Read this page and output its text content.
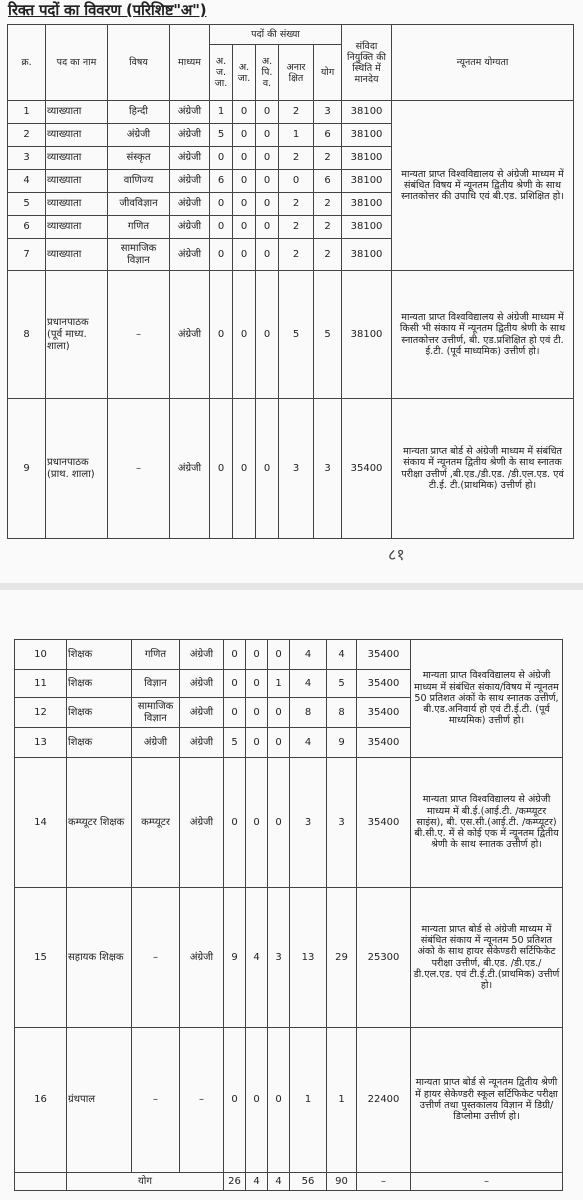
रिक्त पदों का विवरण (परिशिष्ट"अ")
क्र.	पद का नाम	विषय	माध्यम	पदों की संख्या					संविदा नियुक्ति की स्थिति में मानदेय	न्यूनतम योग्यता
				अ. ज. जा.	अ. जा.	अ. पि. व.	अनार क्षित	योग		
1	व्याख्याता	हिन्दी	अंग्रेजी	1	0	0	2	3	38100	मान्यता प्राप्त विश्वविद्यालय से अंग्रेजी माध्यम में संबंधित विषय में न्यूनतम द्वितीय श्रेणी के साथ स्नातकोत्तर की उपाधि एवं बी.एड. प्रशिक्षित हो।
2	व्याख्याता	अंग्रेजी	अंग्रेजी	5	0	0	1	6	38100	
3	व्याख्याता	संस्कृत	अंग्रेजी	0	0	0	2	2	38100	
4	व्याख्याता	वाणिज्य	अंग्रेजी	6	0	0	0	6	38100	
5	व्याख्याता	जीवविज्ञान	अंग्रेजी	0	0	0	2	2	38100	
6	व्याख्याता	गणित	अंग्रेजी	0	0	0	2	2	38100	
7	व्याख्याता	सामाजिक विज्ञान	अंग्रेजी	0	0	0	2	2	38100	
8	प्रधानपाठक (पूर्व माध्य. शाला)	–	अंग्रेजी	0	0	0	5	5	38100	मान्यता प्राप्त विश्वविद्यालय से अंग्रेजी माध्यम में किसी भी संकाय में न्यूनतम द्वितीय श्रेणी के साथ स्नातकोत्तर उत्तीर्ण, बी. एड.प्रशिक्षित हो एवं टी. ई.टी. (पूर्व माध्यमिक) उत्तीर्ण हो।
9	प्रधानपाठक (प्राथ. शाला)	–	अंग्रेजी	0	0	0	3	3	35400	मान्यता प्राप्त बोर्ड से अंग्रेजी माध्यम में संबंधित संकाय में न्यूनतम द्वितीय श्रेणी के साथ स्नातक परीक्षा उत्तीर्ण ,बी.एड./डी.एड. /डी.एल.एड. एवं टी.ई. टी.(प्राथमिक) उत्तीर्ण हो।
८१
10	शिक्षक	गणित	अंग्रेजी	0	0	0	4	4	35400	मान्यता प्राप्त विश्वविद्यालय से अंग्रेजी माध्यम में संबंधित संकाय/विषय में न्यूनतम 50 प्रतिशत अंकों के साथ स्नातक उत्तीर्ण, बी.एड.अनिवार्य हो एवं टी.ई.टी. (पूर्व माध्यमिक) उत्तीर्ण हो।
11	शिक्षक	विज्ञान	अंग्रेजी	0	0	1	4	5	35400	
12	शिक्षक	सामाजिक विज्ञान	अंग्रेजी	0	0	0	8	8	35400	
13	शिक्षक	अंग्रेजी	अंग्रेजी	5	0	0	4	9	35400	
14	कम्प्यूटर शिक्षक	कम्प्यूटर	अंग्रेजी	0	0	0	3	3	35400	मान्यता प्राप्त विश्वविद्यालय से अंग्रेजी माध्यम में बी.ई.(आई.टी. /कम्प्यूटर साइंस), बी. एस.सी.(आई.टी. /कम्प्यूटर) बी.सी.ए. में से कोई एक में न्यूनतम द्वितीय श्रेणी के साथ स्नातक उत्तीर्ण हो।
15	सहायक शिक्षक	–	अंग्रेजी	9	4	3	13	29	25300	मान्यता प्राप्त बोर्ड से अंग्रेजी माध्यम में संबंधित संकाय में न्यूनतम 50 प्रतिशत अंको के साथ हायर सेकेण्डरी सर्टिफिकेट परीक्षा उत्तीर्ण, बी.एड. /डी.एड./डी.एल.एड. एवं टी.ई.टी.(प्राथमिक) उत्तीर्ण हो।
16	ग्रंथपाल	–	–	0	0	0	1	1	22400	मान्यता प्राप्त बोर्ड से न्यूनतम द्वितीय श्रेणी में हायर सेकेण्डरी स्कूल सर्टिफिकेट परीक्षा उत्तीर्ण तथा पुस्तकालय विज्ञान में डिग्री/डिप्लोमा उत्तीर्ण हो।
	योग			26	4	4	56	90	–	–
